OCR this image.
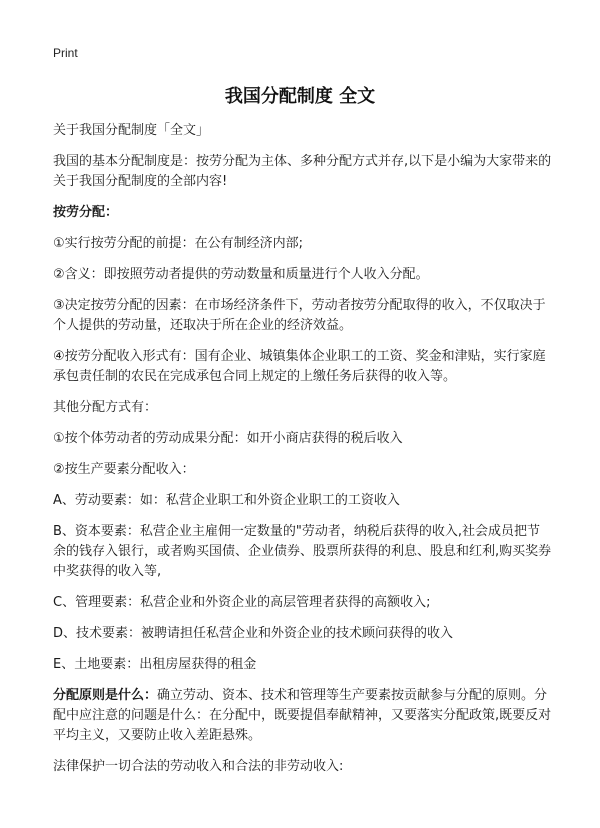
Print
我国分配制度 全文

关于我国分配制度「全文」

我国的基本分配制度是：按劳分配为主体、多种分配方式并存,以下是小编为大家带来的关于我国分配制度的全部内容!

按劳分配：

①实行按劳分配的前提：在公有制经济内部;

②含义：即按照劳动者提供的劳动数量和质量进行个人收入分配。

③决定按劳分配的因素：在市场经济条件下，劳动者按劳分配取得的收入，不仅取决于个人提供的劳动量，还取决于所在企业的经济效益。

④按劳分配收入形式有：国有企业、城镇集体企业职工的工资、奖金和津贴，实行家庭承包责任制的农民在完成承包合同上规定的上缴任务后获得的收入等。

其他分配方式有：

①按个体劳动者的劳动成果分配：如开小商店获得的税后收入

②按生产要素分配收入：

A、劳动要素：如：私营企业职工和外资企业职工的工资收入

B、资本要素：私营企业主雇佣一定数量的"劳动者，纳税后获得的收入,社会成员把节余的钱存入银行，或者购买国债、企业债券、股票所获得的利息、股息和红利,购买奖券中奖获得的收入等,

C、管理要素：私营企业和外资企业的高层管理者获得的高额收入;

D、技术要素：被聘请担任私营企业和外资企业的技术顾问获得的收入

E、土地要素：出租房屋获得的租金

分配原则是什么：确立劳动、资本、技术和管理等生产要素按贡献参与分配的原则。分配中应注意的问题是什么：在分配中，既要提倡奉献精神，又要落实分配政策,既要反对平均主义，又要防止收入差距悬殊。

法律保护一切合法的劳动收入和合法的非劳动收入:
